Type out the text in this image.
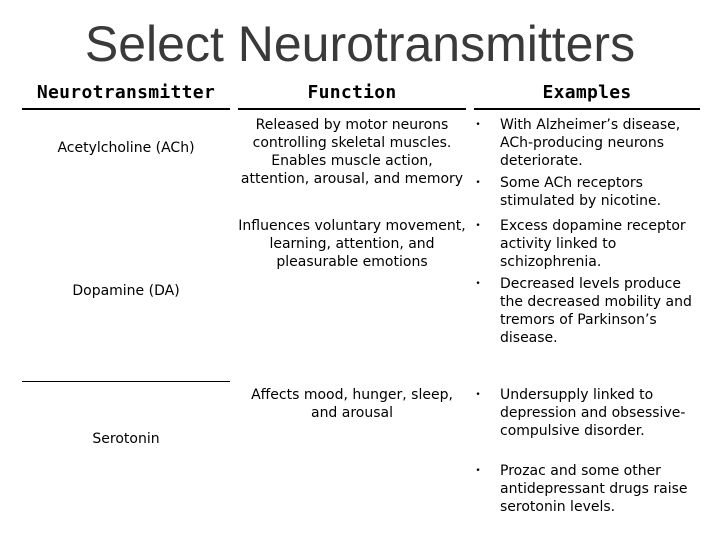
Select Neurotransmitters
Neurotransmitter	Function	Examples
Acetylcholine (ACh)
Released by motor neurons controlling skeletal muscles. Enables muscle action, attention, arousal, and memory
• With Alzheimer’s disease, ACh-producing neurons deteriorate.
• Some ACh receptors stimulated by nicotine.
Dopamine (DA)
Influences voluntary movement, learning, attention, and pleasurable emotions
• Excess dopamine receptor activity linked to schizophrenia.
• Decreased levels produce the decreased mobility and tremors of Parkinson’s disease.
Serotonin
Affects mood, hunger, sleep, and arousal
• Undersupply linked to depression and obsessive-compulsive disorder.
• Prozac and some other antidepressant drugs raise serotonin levels.
